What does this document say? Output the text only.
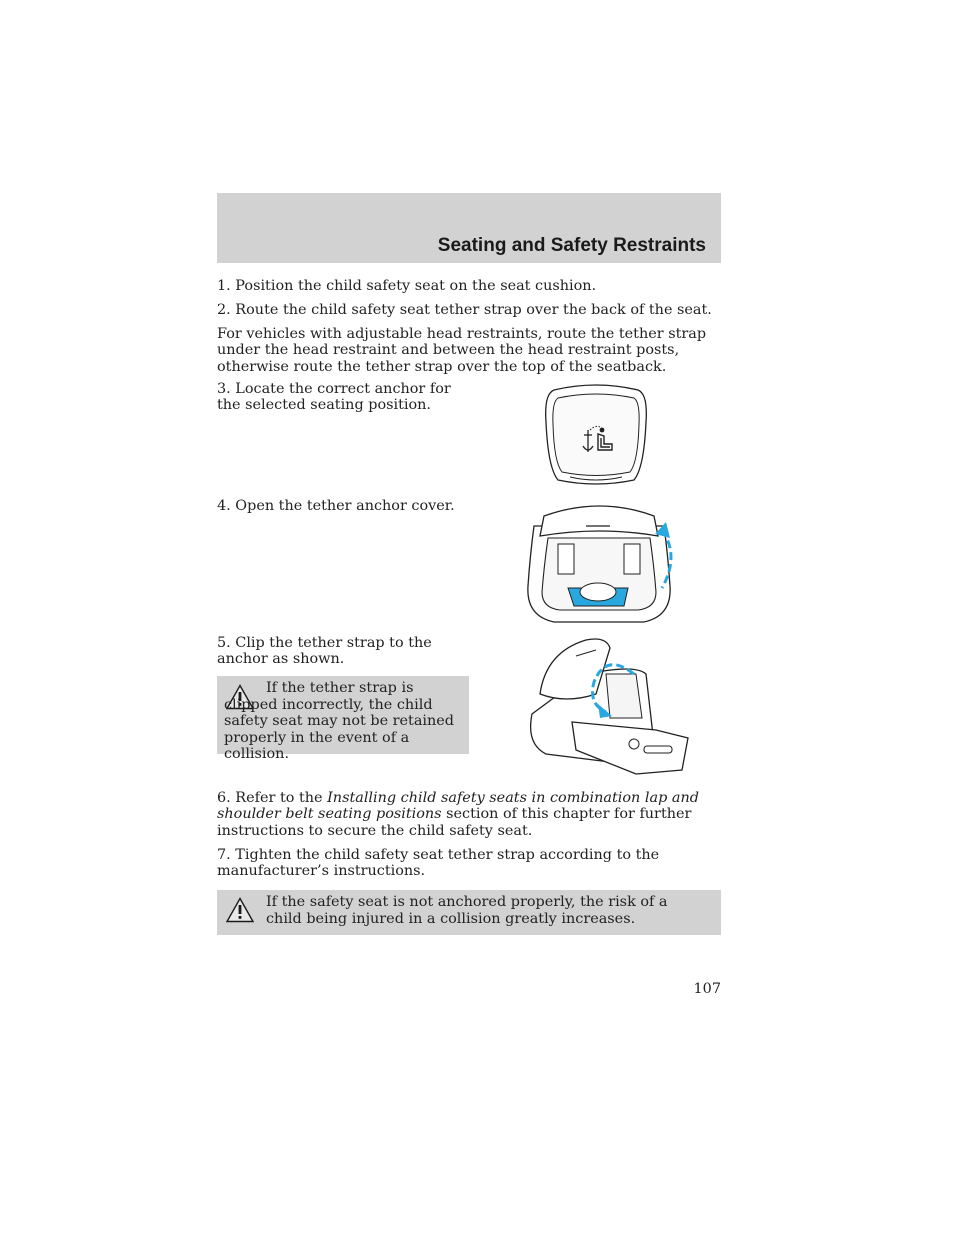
Seating and Safety Restraints

1. Position the child safety seat on the seat cushion.

2. Route the child safety seat tether strap over the back of the seat.

For vehicles with adjustable head restraints, route the tether strap under the head restraint and between the head restraint posts, otherwise route the tether strap over the top of the seatback.

3. Locate the correct anchor for the selected seating position.

4. Open the tether anchor cover.

5. Clip the tether strap to the anchor as shown.

If the tether strap is clipped incorrectly, the child safety seat may not be retained properly in the event of a collision.

6. Refer to the Installing child safety seats in combination lap and shoulder belt seating positions section of this chapter for further instructions to secure the child safety seat.

7. Tighten the child safety seat tether strap according to the manufacturer’s instructions.

If the safety seat is not anchored properly, the risk of a child being injured in a collision greatly increases.

107
